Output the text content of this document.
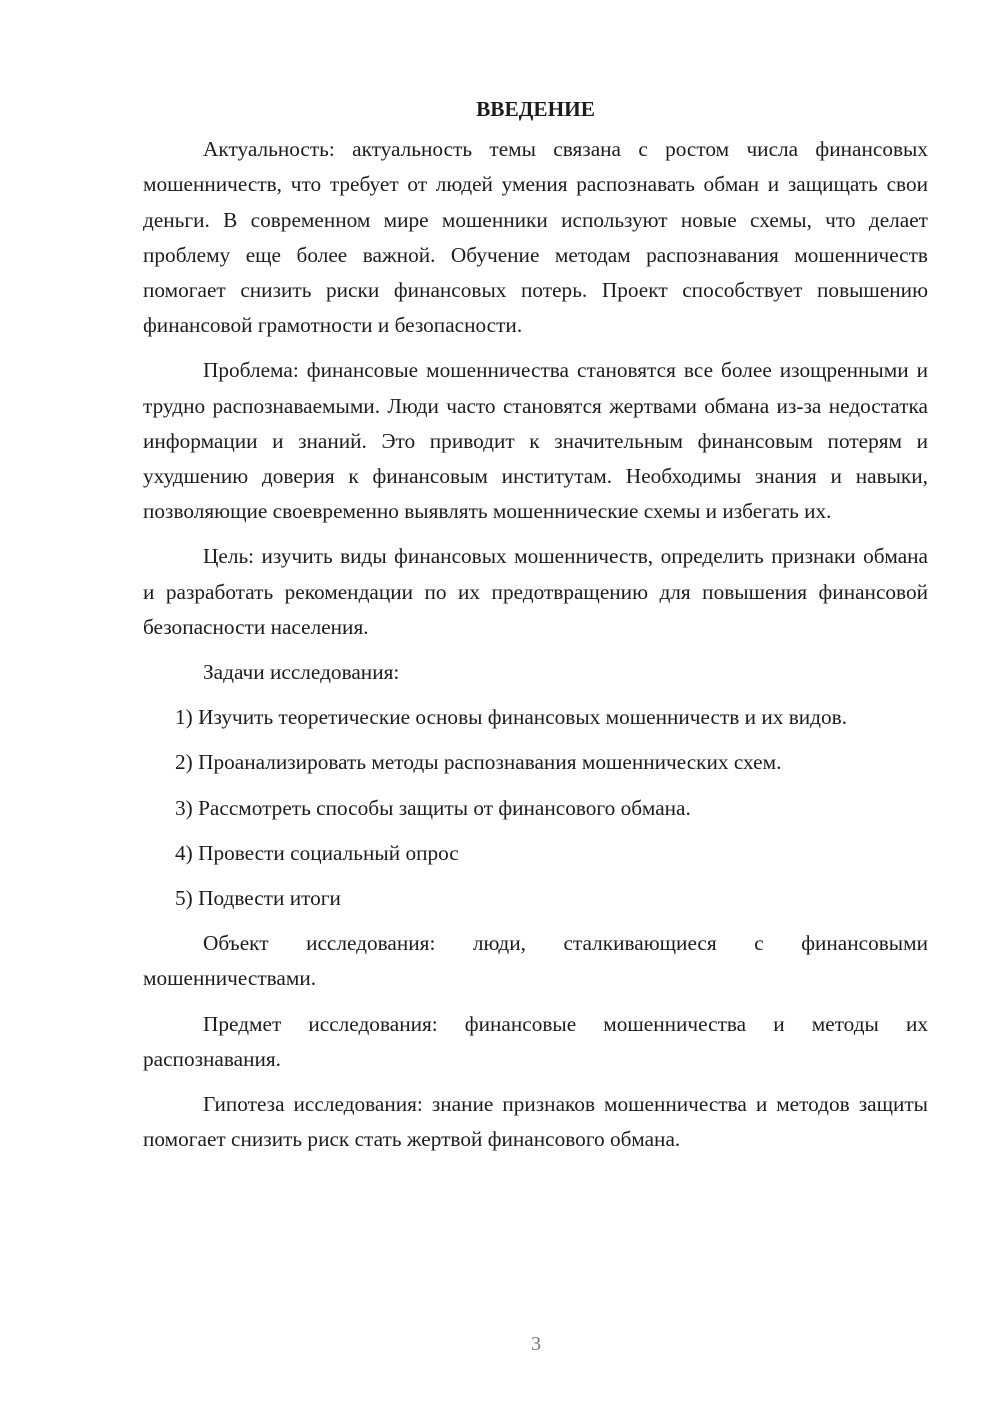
ВВЕДЕНИЕ

Актуальность: актуальность темы связана с ростом числа финансовых мошенничеств, что требует от людей умения распознавать обман и защищать свои деньги. В современном мире мошенники используют новые схемы, что делает проблему еще более важной. Обучение методам распознавания мошенничеств помогает снизить риски финансовых потерь. Проект способствует повышению финансовой грамотности и безопасности.

Проблема: финансовые мошенничества становятся все более изощренными и трудно распознаваемыми. Люди часто становятся жертвами обмана из-за недостатка информации и знаний. Это приводит к значительным финансовым потерям и ухудшению доверия к финансовым институтам. Необходимы знания и навыки, позволяющие своевременно выявлять мошеннические схемы и избегать их.

Цель: изучить виды финансовых мошенничеств, определить признаки обмана и разработать рекомендации по их предотвращению для повышения финансовой безопасности населения.

Задачи исследования:

1) Изучить теоретические основы финансовых мошенничеств и их видов.

2) Проанализировать методы распознавания мошеннических схем.

3) Рассмотреть способы защиты от финансового обмана.

4) Провести социальный опрос

5) Подвести итоги

Объект исследования: люди, сталкивающиеся с финансовыми мошенничествами.

Предмет исследования: финансовые мошенничества и методы их распознавания.

Гипотеза исследования: знание признаков мошенничества и методов защиты помогает снизить риск стать жертвой финансового обмана.

3
